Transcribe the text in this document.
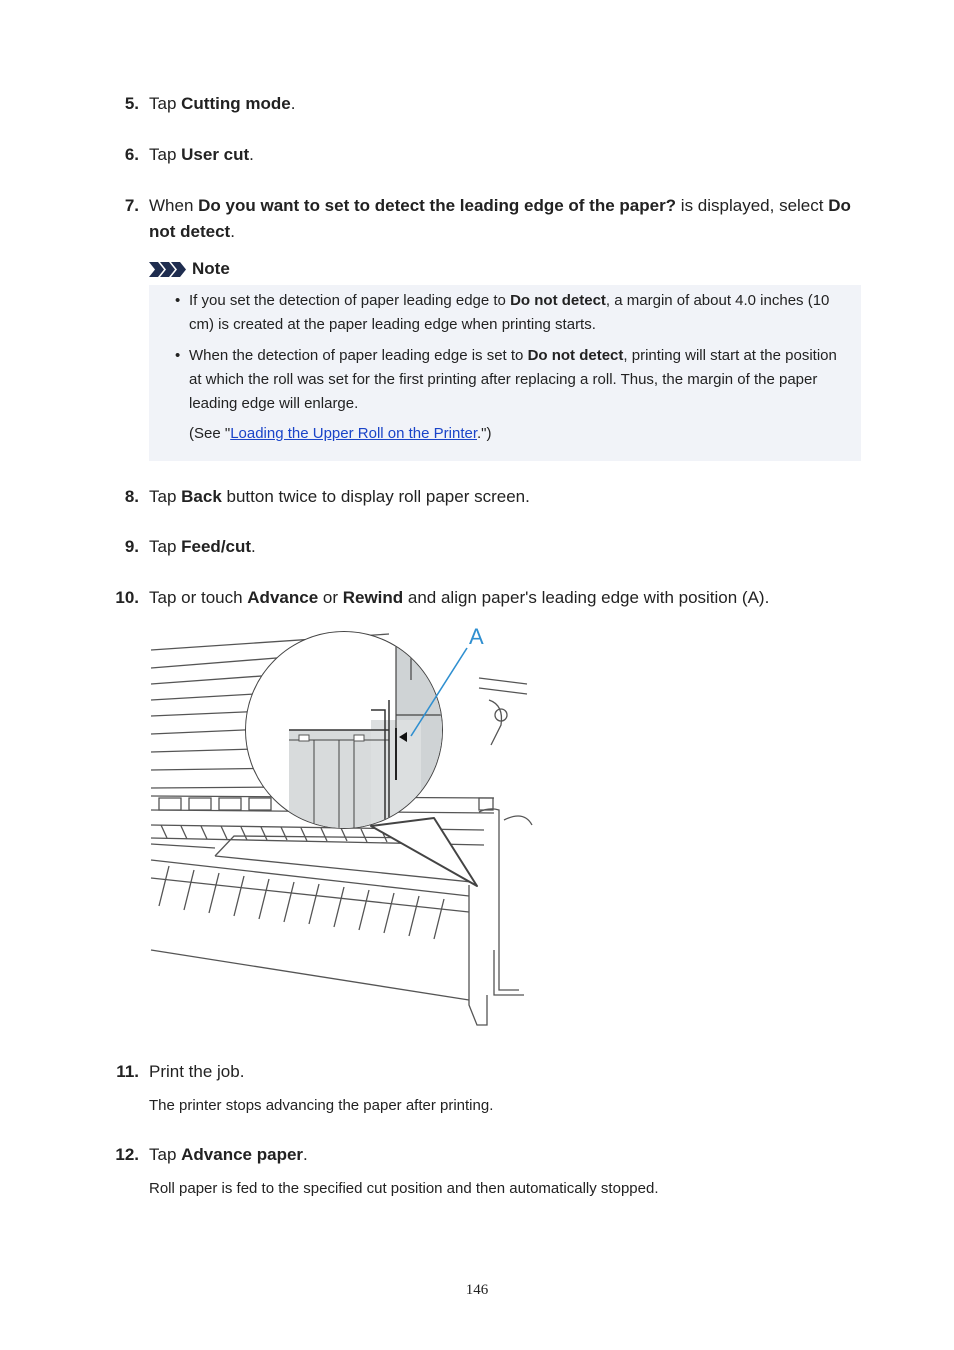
5. Tap Cutting mode.
6. Tap User cut.
7. When Do you want to set to detect the leading edge of the paper? is displayed, select Do not detect.
Note
• If you set the detection of paper leading edge to Do not detect, a margin of about 4.0 inches (10 cm) is created at the paper leading edge when printing starts.
• When the detection of paper leading edge is set to Do not detect, printing will start at the position at which the roll was set for the first printing after replacing a roll. Thus, the margin of the paper leading edge will enlarge.
(See "Loading the Upper Roll on the Printer.")
8. Tap Back button twice to display roll paper screen.
9. Tap Feed/cut.
10. Tap or touch Advance or Rewind and align paper's leading edge with position (A).
A
11. Print the job.
The printer stops advancing the paper after printing.
12. Tap Advance paper.
Roll paper is fed to the specified cut position and then automatically stopped.
146
